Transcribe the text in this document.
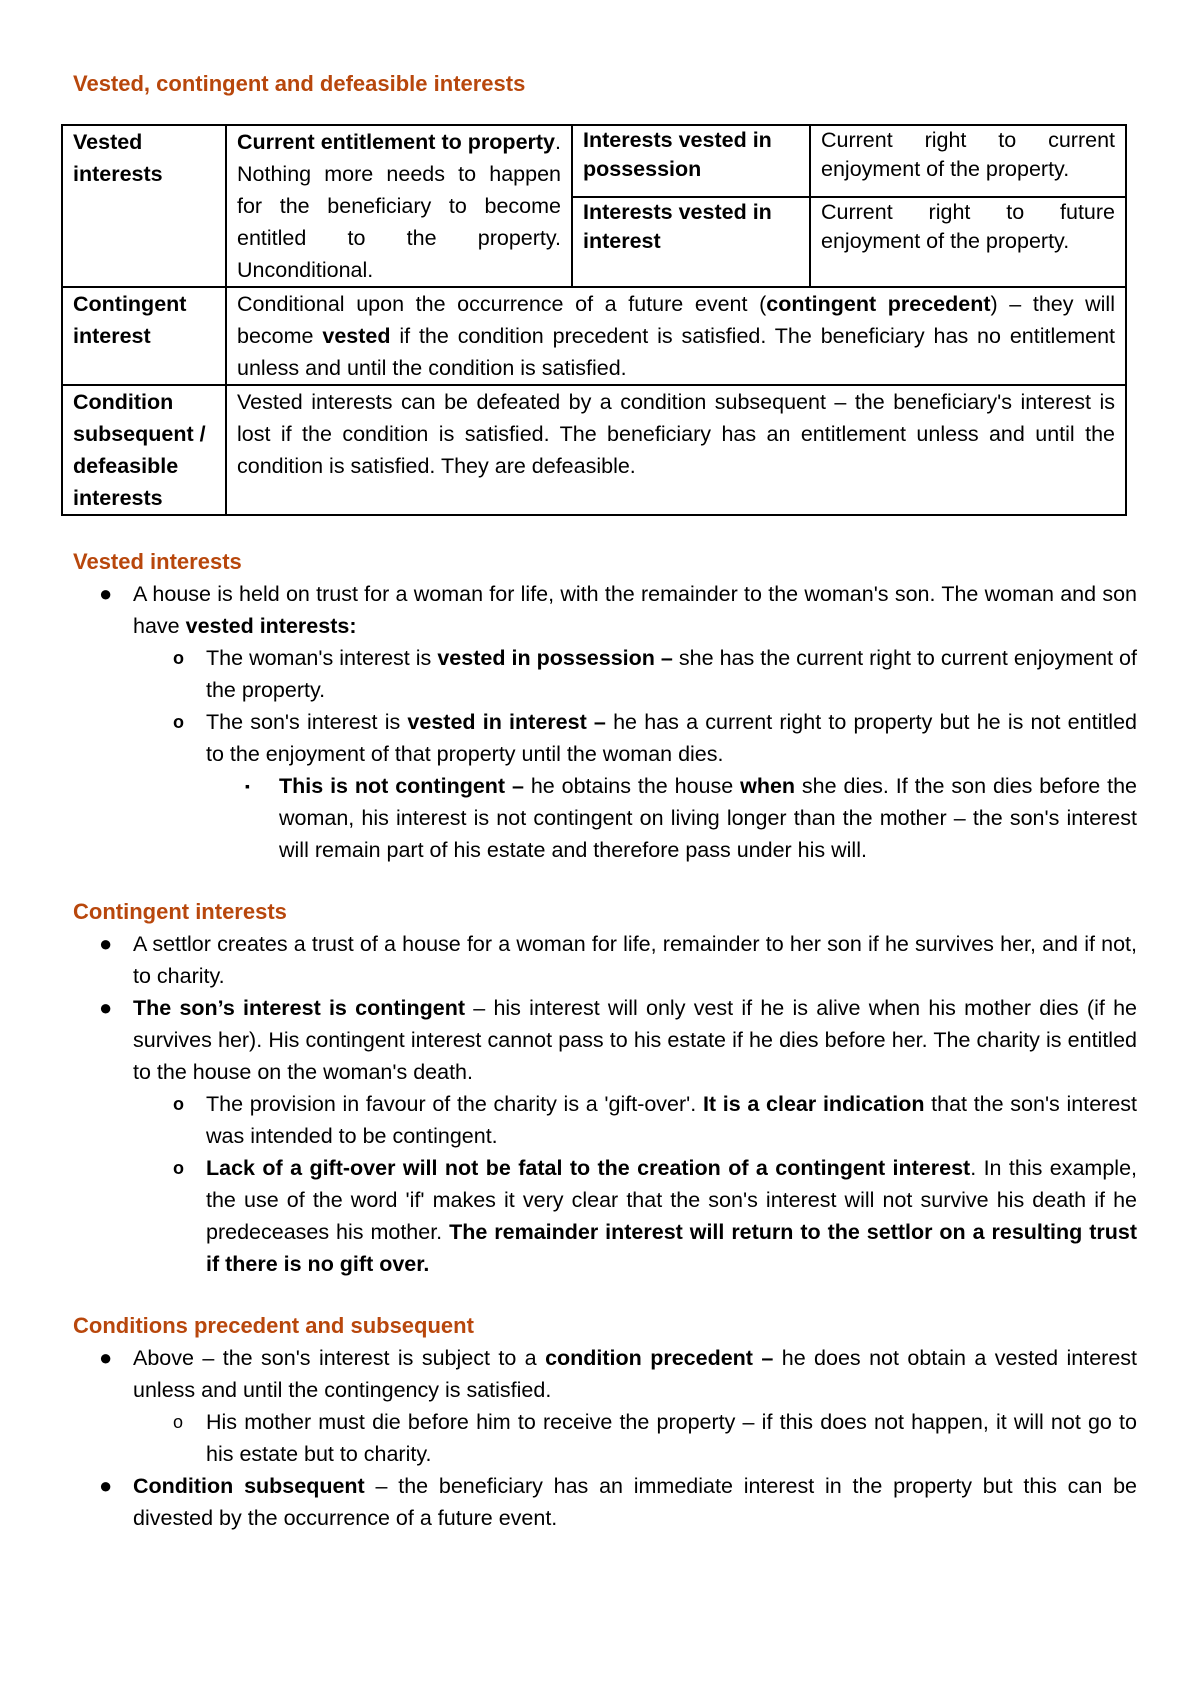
Vested, contingent and defeasible interests
Vested interests	Current entitlement to property. Nothing more needs to happen for the beneficiary to become entitled to the property. Unconditional.	Interests vested in possession	Current right to current enjoyment of the property.
		Interests vested in interest	Current right to future enjoyment of the property.
Contingent interest	Conditional upon the occurrence of a future event (contingent precedent) – they will become vested if the condition precedent is satisfied. The beneficiary has no entitlement unless and until the condition is satisfied.		
Condition subsequent / defeasible interests	Vested interests can be defeated by a condition subsequent – the beneficiary's interest is lost if the condition is satisfied. The beneficiary has an entitlement unless and until the condition is satisfied. They are defeasible.		
Vested interests
● A house is held on trust for a woman for life, with the remainder to the woman's son. The woman and son have vested interests:
o The woman's interest is vested in possession – she has the current right to current enjoyment of the property.
o The son's interest is vested in interest – he has a current right to property but he is not entitled to the enjoyment of that property until the woman dies.
▪ This is not contingent – he obtains the house when she dies. If the son dies before the woman, his interest is not contingent on living longer than the mother – the son's interest will remain part of his estate and therefore pass under his will.
Contingent interests
● A settlor creates a trust of a house for a woman for life, remainder to her son if he survives her, and if not, to charity.
● The son’s interest is contingent – his interest will only vest if he is alive when his mother dies (if he survives her). His contingent interest cannot pass to his estate if he dies before her. The charity is entitled to the house on the woman's death.
o The provision in favour of the charity is a 'gift-over'. It is a clear indication that the son's interest was intended to be contingent.
o Lack of a gift-over will not be fatal to the creation of a contingent interest. In this example, the use of the word 'if' makes it very clear that the son's interest will not survive his death if he predeceases his mother. The remainder interest will return to the settlor on a resulting trust if there is no gift over.
Conditions precedent and subsequent
● Above – the son's interest is subject to a condition precedent – he does not obtain a vested interest unless and until the contingency is satisfied.
o His mother must die before him to receive the property – if this does not happen, it will not go to his estate but to charity.
● Condition subsequent – the beneficiary has an immediate interest in the property but this can be divested by the occurrence of a future event.
